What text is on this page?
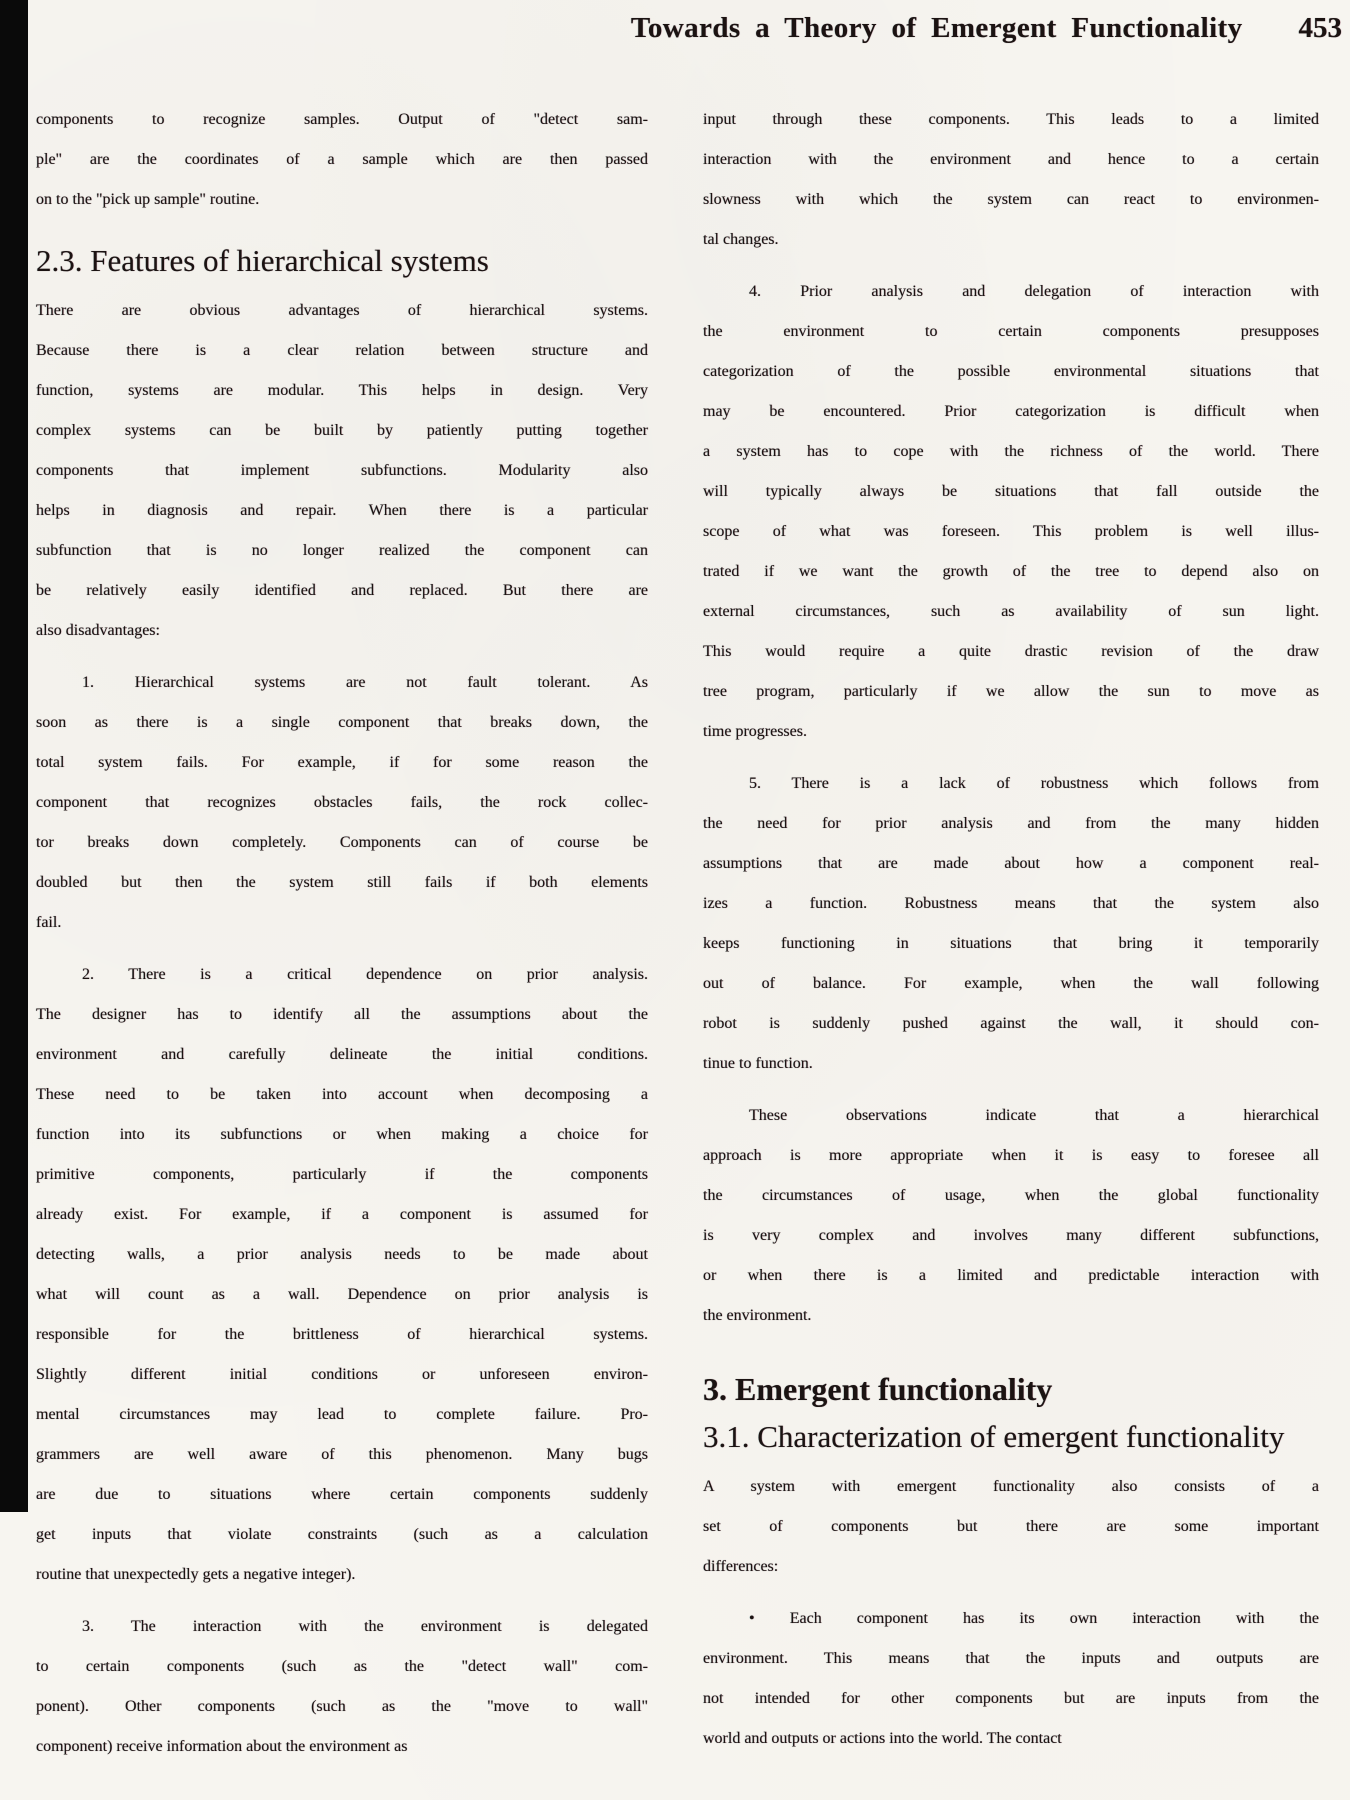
Towards a Theory of Emergent Functionality 453
components to recognize samples. Output of "detect sam-
ple" are the coordinates of a sample which are then passed
on to the "pick up sample" routine.
2.3. Features of hierarchical systems
There are obvious advantages of hierarchical systems.
Because there is a clear relation between structure and
function, systems are modular. This helps in design. Very
complex systems can be built by patiently putting together
components that implement subfunctions. Modularity also
helps in diagnosis and repair. When there is a particular
subfunction that is no longer realized the component can
be relatively easily identified and replaced. But there are
also disadvantages:
1. Hierarchical systems are not fault tolerant. As
soon as there is a single component that breaks down, the
total system fails. For example, if for some reason the
component that recognizes obstacles fails, the rock collec-
tor breaks down completely. Components can of course be
doubled but then the system still fails if both elements
fail.
2. There is a critical dependence on prior analysis.
The designer has to identify all the assumptions about the
environment and carefully delineate the initial conditions.
These need to be taken into account when decomposing a
function into its subfunctions or when making a choice for
primitive components, particularly if the components
already exist. For example, if a component is assumed for
detecting walls, a prior analysis needs to be made about
what will count as a wall. Dependence on prior analysis is
responsible for the brittleness of hierarchical systems.
Slightly different initial conditions or unforeseen environ-
mental circumstances may lead to complete failure. Pro-
grammers are well aware of this phenomenon. Many bugs
are due to situations where certain components suddenly
get inputs that violate constraints (such as a calculation
routine that unexpectedly gets a negative integer).
3. The interaction with the environment is delegated
to certain components (such as the "detect wall" com-
ponent). Other components (such as the "move to wall"
component) receive information about the environment as
input through these components. This leads to a limited
interaction with the environment and hence to a certain
slowness with which the system can react to environmen-
tal changes.
4. Prior analysis and delegation of interaction with
the environment to certain components presupposes
categorization of the possible environmental situations that
may be encountered. Prior categorization is difficult when
a system has to cope with the richness of the world. There
will typically always be situations that fall outside the
scope of what was foreseen. This problem is well illus-
trated if we want the growth of the tree to depend also on
external circumstances, such as availability of sun light.
This would require a quite drastic revision of the draw
tree program, particularly if we allow the sun to move as
time progresses.
5. There is a lack of robustness which follows from
the need for prior analysis and from the many hidden
assumptions that are made about how a component real-
izes a function. Robustness means that the system also
keeps functioning in situations that bring it temporarily
out of balance. For example, when the wall following
robot is suddenly pushed against the wall, it should con-
tinue to function.
These observations indicate that a hierarchical
approach is more appropriate when it is easy to foresee all
the circumstances of usage, when the global functionality
is very complex and involves many different subfunctions,
or when there is a limited and predictable interaction with
the environment.
3. Emergent functionality
3.1. Characterization of emergent functionality
A system with emergent functionality also consists of a
set of components but there are some important
differences:
• Each component has its own interaction with the
environment. This means that the inputs and outputs are
not intended for other components but are inputs from the
world and outputs or actions into the world. The contact
